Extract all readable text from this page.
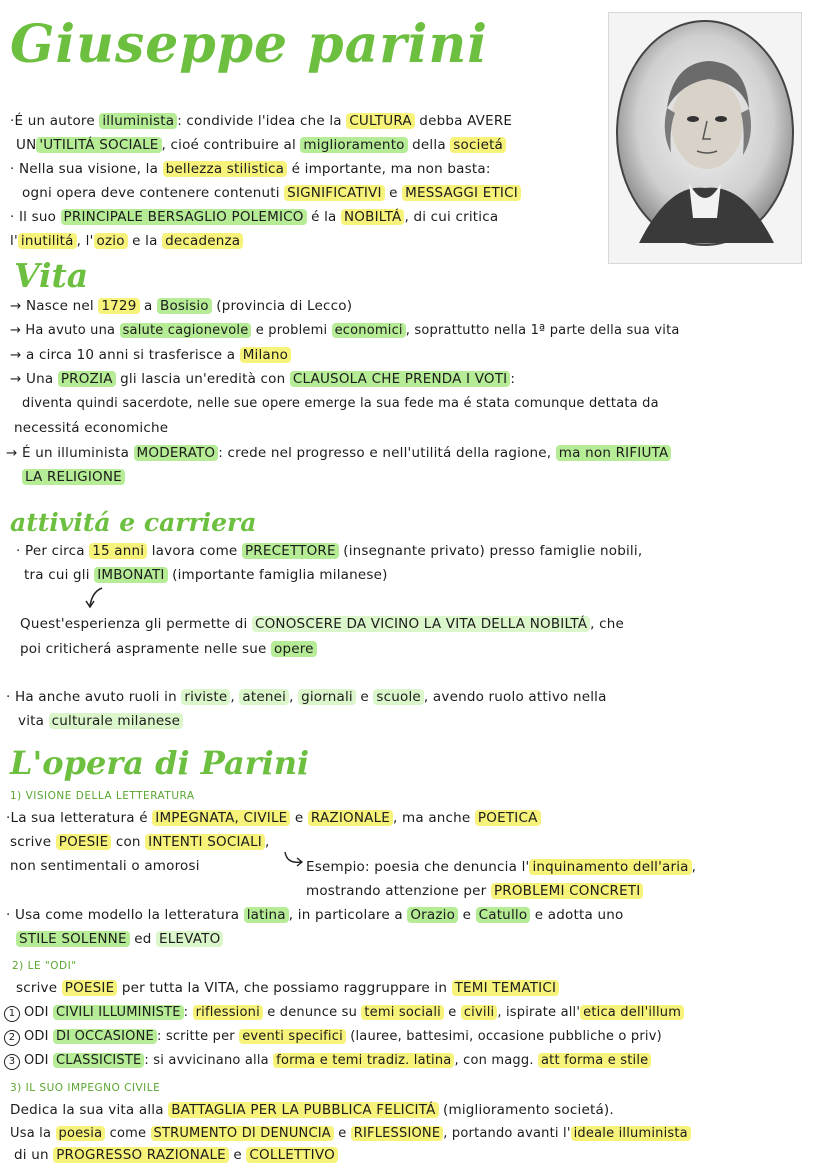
Giuseppe parini
·É un autore illuminista : condivide l'idea che la CULTURA debba AVERE
UN 'UTILITÁ SOCIALE , cioé contribuire al miglioramento della societá
· Nella sua visione, la bellezza stilistica é importante, ma non basta:
ogni opera deve contenere contenuti SIGNIFICATIVI e MESSAGGI ETICI
· Il suo PRINCIPALE BERSAGLIO POLEMICO é la NOBILTÁ , di cui critica
l' inutilitá , l' ozio e la decadenza
Vita
→ Nasce nel 1729 a Bosisio (provincia di Lecco)
→ Ha avuto una salute cagionevole e problemi economici , soprattutto nella 1ª parte della sua vita
→ a circa 10 anni si trasferisce a Milano
→ Una PROZIA gli lascia un'eredità con CLAUSOLA CHE PRENDA I VOTI :
diventa quindi sacerdote, nelle sue opere emerge la sua fede ma é stata comunque dettata da
necessitá economiche
→ É un illuminista MODERATO : crede nel progresso e nell'utilitá della ragione, ma non RIFIUTA
LA RELIGIONE
attivitá e carriera
· Per circa 15 anni lavora come PRECETTORE (insegnante privato) presso famiglie nobili,
tra cui gli IMBONATI (importante famiglia milanese)
Quest'esperienza gli permette di CONOSCERE DA VICINO LA VITA DELLA NOBILTÁ , che
poi criticherá aspramente nelle sue opere
· Ha anche avuto ruoli in riviste , atenei , giornali e scuole , avendo ruolo attivo nella
vita culturale milanese
L'opera di Parini
1) VISIONE DELLA LETTERATURA
·La sua letteratura é IMPEGNATA, CIVILE e RAZIONALE , ma anche POETICA
scrive POESIE con INTENTI SOCIALI ,
non sentimentali o amorosi	Esempio: poesia che denuncia l' inquinamento dell'aria ,
mostrando attenzione per PROBLEMI CONCRETI
· Usa come modello la letteratura latina , in particolare a Orazio e Catullo e adotta uno
STILE SOLENNE ed ELEVATO
2) LE "ODI"
scrive POESIE per tutta la VITA, che possiamo raggruppare in TEMI TEMATICI
1 ODI CIVILI ILLUMINISTE : riflessioni e denunce su temi sociali e civili , ispirate all' etica dell'illum
2 ODI DI OCCASIONE : scritte per eventi specifici (lauree, battesimi, occasione pubbliche o priv)
3 ODI CLASSICISTE : si avvicinano alla forma e temi tradiz. latina , con magg. att forma e stile
3) IL SUO IMPEGNO CIVILE
Dedica la sua vita alla BATTAGLIA PER LA PUBBLICA FELICITÁ (miglioramento societá).
Usa la poesia come STRUMENTO DI DENUNCIA e RIFLESSIONE , portando avanti l' ideale illuminista
di un PROGRESSO RAZIONALE e COLLETTIVO
